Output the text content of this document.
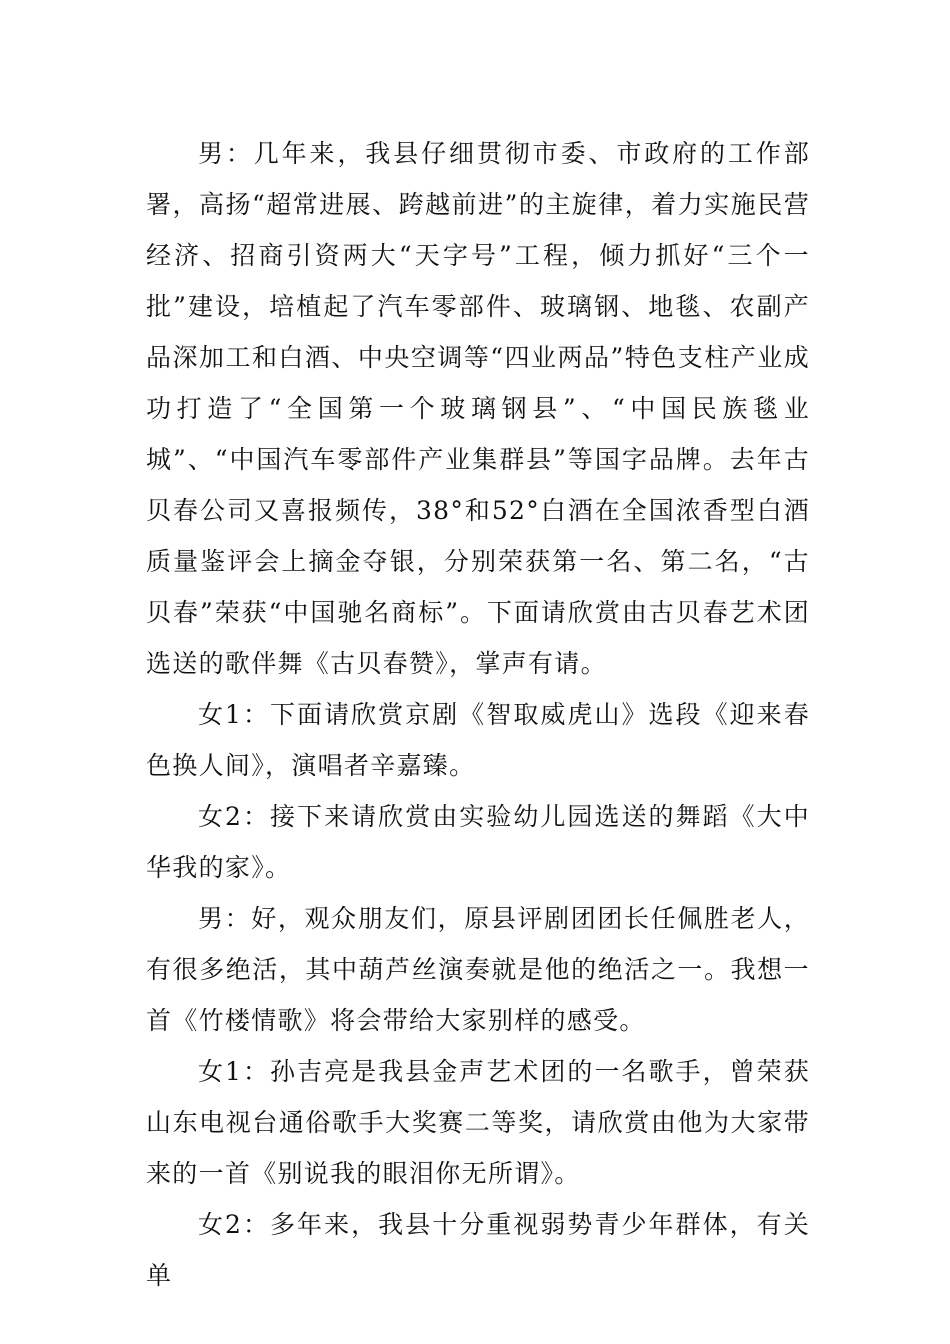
男：几年来，我县仔细贯彻市委、市政府的工作部署，高扬“超常进展、跨越前进”的主旋律，着力实施民营经济、招商引资两大“天字号”工程，倾力抓好“三个一批”建设，培植起了汽车零部件、玻璃钢、地毯、农副产品深加工和白酒、中央空调等“四业两品”特色支柱产业成功打造了“全国第一个玻璃钢县”、“中国民族毯业城”、“中国汽车零部件产业集群县”等国字品牌。去年古贝春公司又喜报频传，38°和52°白酒在全国浓香型白酒质量鉴评会上摘金夺银，分别荣获第一名、第二名，“古贝春”荣获“中国驰名商标”。下面请欣赏由古贝春艺术团选送的歌伴舞《古贝春赞》，掌声有请。

女1：下面请欣赏京剧《智取威虎山》选段《迎来春色换人间》，演唱者辛嘉臻。

女2：接下来请欣赏由实验幼儿园选送的舞蹈《大中华我的家》。

男：好，观众朋友们，原县评剧团团长任佩胜老人，有很多绝活，其中葫芦丝演奏就是他的绝活之一。我想一首《竹楼情歌》将会带给大家别样的感受。

女1：孙吉亮是我县金声艺术团的一名歌手，曾荣获山东电视台通俗歌手大奖赛二等奖，请欣赏由他为大家带来的一首《别说我的眼泪你无所谓》。

女2：多年来，我县十分重视弱势青少年群体，有关单
